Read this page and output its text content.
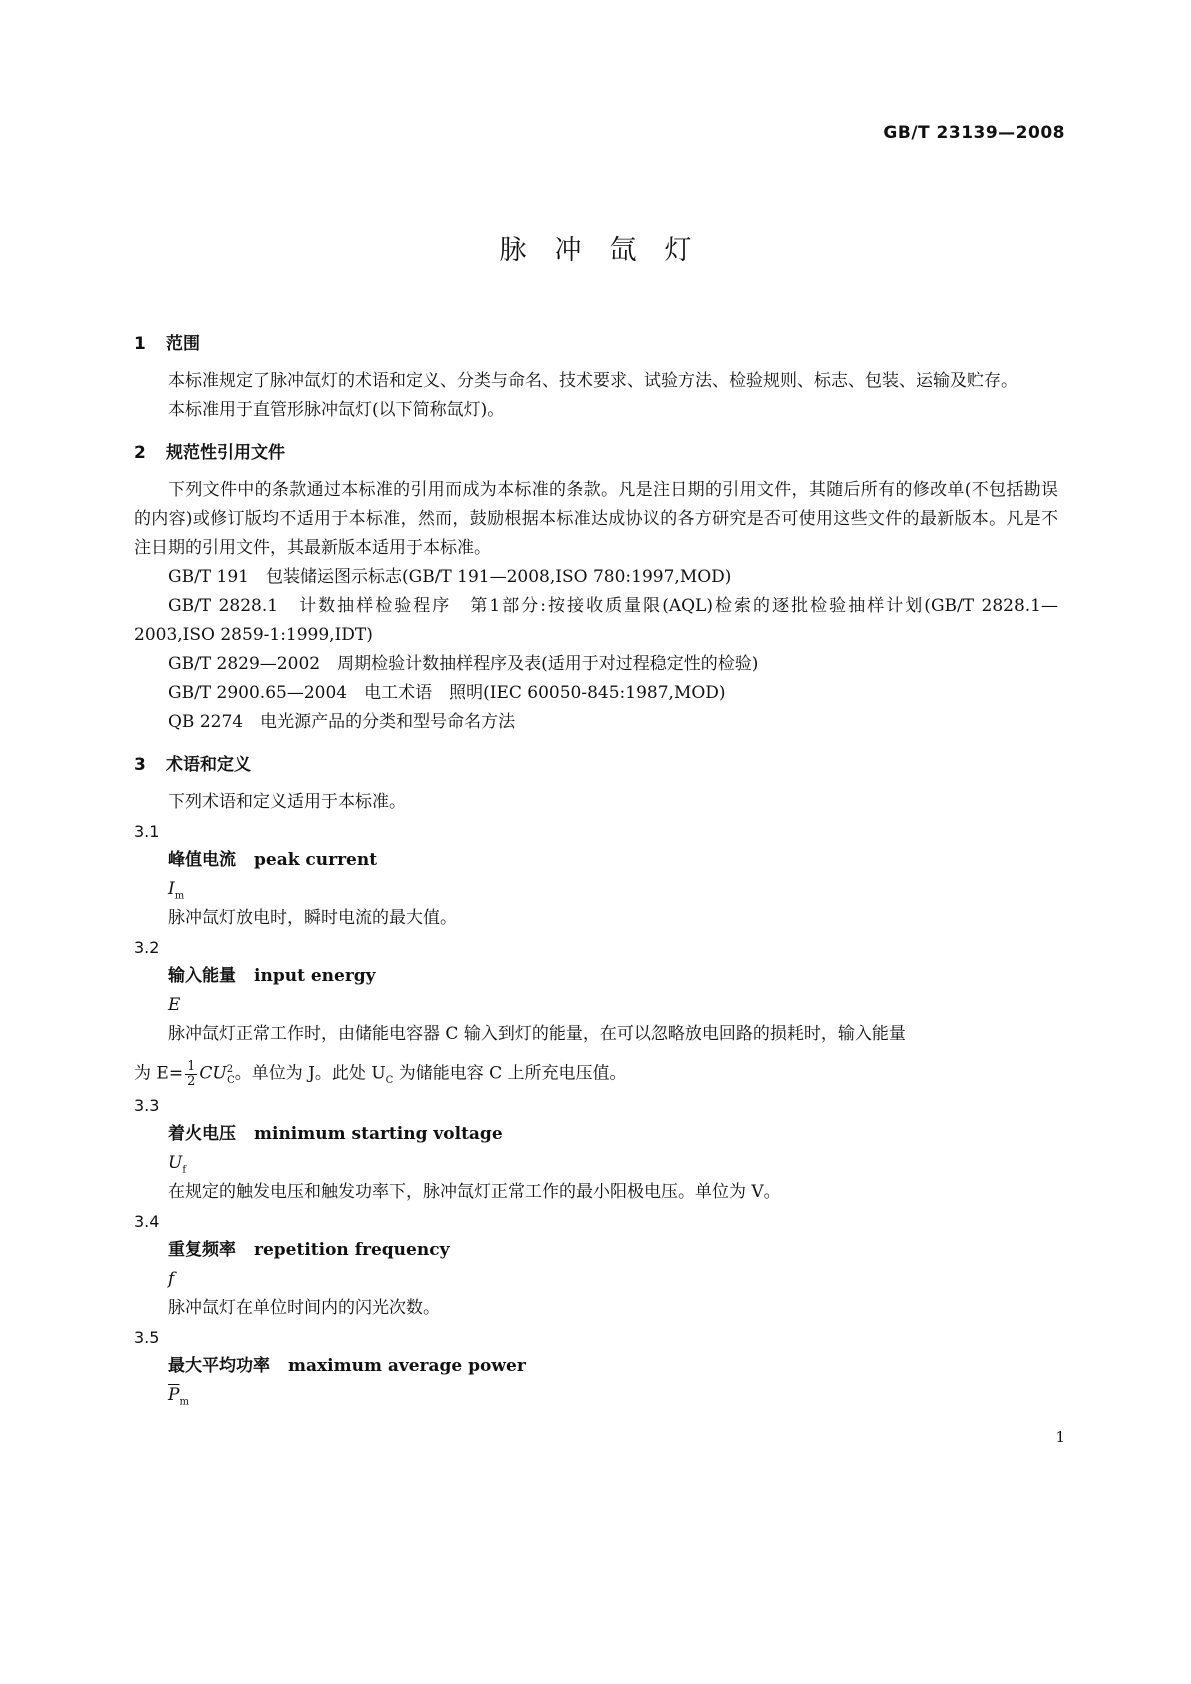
GB/T 23139—2008
脉冲氙灯
1 范围

本标准规定了脉冲氙灯的术语和定义、分类与命名、技术要求、试验方法、检验规则、标志、包装、运输及贮存。

本标准用于直管形脉冲氙灯(以下简称氙灯)。

2 规范性引用文件

下列文件中的条款通过本标准的引用而成为本标准的条款。凡是注日期的引用文件，其随后所有的修改单(不包括勘误的内容)或修订版均不适用于本标准，然而，鼓励根据本标准达成协议的各方研究是否可使用这些文件的最新版本。凡是不注日期的引用文件，其最新版本适用于本标准。

GB/T 191　包装储运图示标志(GB/T 191—2008,ISO 780:1997,MOD)

GB/T 2828.1　计数抽样检验程序　第1部分:按接收质量限(AQL)检索的逐批检验抽样计划(GB/T 2828.1—2003,ISO 2859-1:1999,IDT)

GB/T 2829—2002　周期检验计数抽样程序及表(适用于对过程稳定性的检验)

GB/T 2900.65—2004　电工术语　照明(IEC 60050-845:1987,MOD)

QB 2274　电光源产品的分类和型号命名方法

3 术语和定义

下列术语和定义适用于本标准。

3.1

峰值电流 peak current

$I_m$

脉冲氙灯放电时，瞬时电流的最大值。

3.2

输入能量 input energy

E

脉冲氙灯正常工作时，由储能电容器 C 输入到灯的能量，在可以忽略放电回路的损耗时，输入能量

为 $E= \frac{1}{2} CU^2_C$。单位为 J。此处 $U_C$ 为储能电容 C 上所充电压值。

3.3

着火电压 minimum starting voltage

$U_f$

在规定的触发电压和触发功率下，脉冲氙灯正常工作的最小阳极电压。单位为 V。

3.4

重复频率 repetition frequency

f

脉冲氙灯在单位时间内的闪光次数。

3.5

最大平均功率 maximum average power

$\overline{P}_m$

1
